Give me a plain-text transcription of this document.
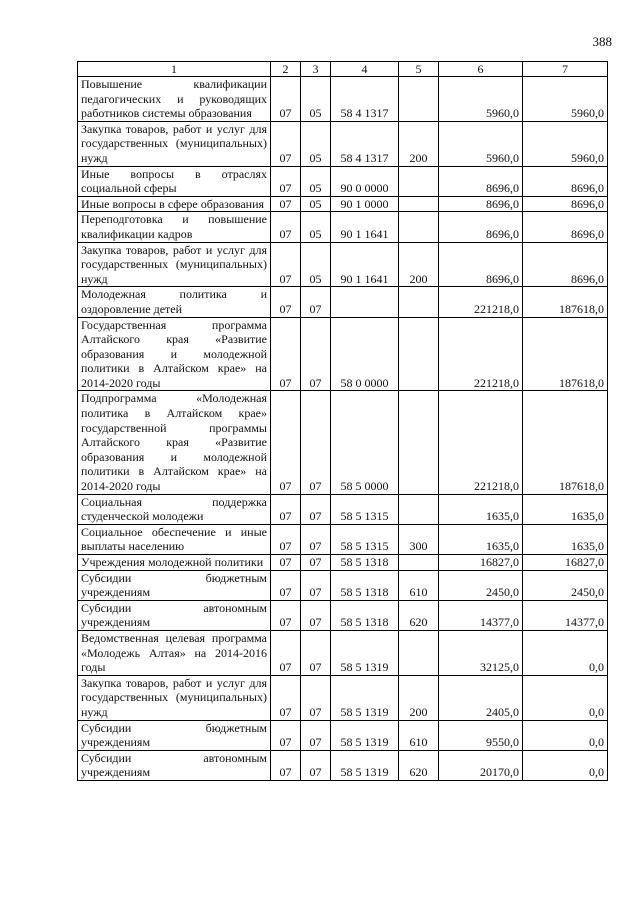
388
1	2	3	4	5	6	7
Повышение квалификации педагогических и руководящих работников системы образования	07	05	58 4 1317		5960,0	5960,0
Закупка товаров, работ и услуг для государственных (муниципальных) нужд	07	05	58 4 1317	200	5960,0	5960,0
Иные вопросы в отраслях социальной сферы	07	05	90 0 0000		8696,0	8696,0
Иные вопросы в сфере образования	07	05	90 1 0000		8696,0	8696,0
Переподготовка и повышение квалификации кадров	07	05	90 1 1641		8696,0	8696,0
Закупка товаров, работ и услуг для государственных (муниципальных) нужд	07	05	90 1 1641	200	8696,0	8696,0
Молодежная политика и оздоровление детей	07	07			221218,0	187618,0
Государственная программа Алтайского края «Развитие образования и молодежной политики в Алтайском крае» на 2014-2020 годы	07	07	58 0 0000		221218,0	187618,0
Подпрограмма «Молодежная политика в Алтайском крае» государственной программы Алтайского края «Развитие образования и молодежной политики в Алтайском крае» на 2014-2020 годы	07	07	58 5 0000		221218,0	187618,0
Социальная поддержка студенческой молодежи	07	07	58 5 1315		1635,0	1635,0
Социальное обеспечение и иные выплаты населению	07	07	58 5 1315	300	1635,0	1635,0
Учреждения молодежной политики	07	07	58 5 1318		16827,0	16827,0
Субсидии бюджетным учреждениям	07	07	58 5 1318	610	2450,0	2450,0
Субсидии автономным учреждениям	07	07	58 5 1318	620	14377,0	14377,0
Ведомственная целевая программа «Молодежь Алтая» на 2014-2016 годы	07	07	58 5 1319		32125,0	0,0
Закупка товаров, работ и услуг для государственных (муниципальных) нужд	07	07	58 5 1319	200	2405,0	0,0
Субсидии бюджетным учреждениям	07	07	58 5 1319	610	9550,0	0,0
Субсидии автономным учреждениям	07	07	58 5 1319	620	20170,0	0,0
